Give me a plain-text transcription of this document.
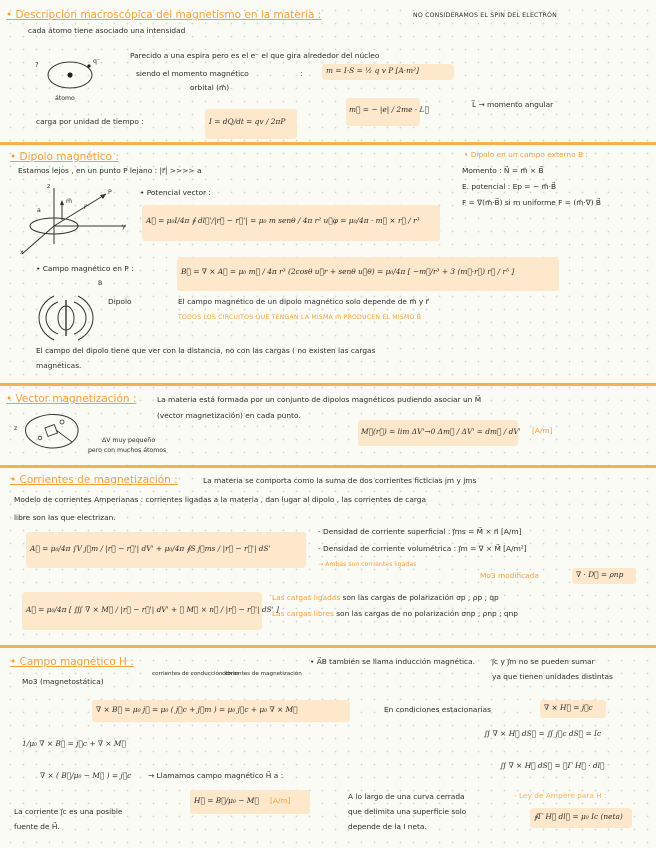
• Descripción macroscópica del magnetismo en la materia :	NO CONSIDERAMOS EL SPIN DEL ELECTRÓN
cada átomo tiene asociado una intensidad
?	q⁻
átomo
Parecido a una espira pero es el e⁻ el que gira alrededor del núcleo
siendo el momento magnético	:
orbital (m⃗)
m = I·S = ½ q v P [A·m²]
carga por unidad de tiempo :	I = dQ/dt = qv / 2πP
m⃗ = − |e| / 2me · L⃗
L⃗ → momento angular
• Dipolo magnético :
Estamos lejos , en un punto P lejano : |r⃗| >>>> a
z
P
r⃗
m⃗
a
y
x
• Potencial vector :
A⃗ = μ₀I/4π ∮ dl⃗'/|r⃗ − r⃗'| = μ₀ m senθ / 4π r² u⃗φ = μ₀/4π · m⃗ × r⃗ / r³
• Dipolo en un campo externo B :
Momento : N⃗ = m⃗ × B⃗
E. potencial : Ep = − m⃗·B⃗
F = ∇(m⃗·B⃗) si m uniforme F = (m⃗·∇) B⃗
• Campo magnético en P :
B
B⃗ = ∇ × A⃗ = μ₀ m⃗ / 4π r³ (2cosθ u⃗r + senθ u⃗θ) = μ₀/4π [ −m⃗/r³ + 3 (m⃗·r⃗) r⃗ / r⁵ ]
Dipolo	El campo magnético de un dipolo magnético solo depende de m⃗ y r⃗
TODOS LOS CIRCUITOS QUE TENGAN LA MISMA m⃗ PRODUCEN EL MISMO B⃗
El campo del dipolo tiene que ver con la distancia, no con las cargas ( no existen las cargas
magnéticas.
• Vector magnetización :	La materia está formada por un conjunto de dipolos magnéticos pudiendo asociar un M⃗
(vector magnetización) en cada punto.
z
ΔV muy pequeño
pero con muchos átomos
M⃗(r⃗) = lim ΔV'→0 Δm⃗ / ΔV' = dm⃗ / dV' [A/m]
• Corrientes de magnetización :	La materia se comporta como la suma de dos corrientes ficticias jm y jms
Modelo de corrientes Amperianas : corrientes ligadas a la materia , dan lugar al dipolo , las corrientes de carga
libre son las que electrizan.
A⃗ = μ₀/4π ∫V j⃗m / |r⃗ − r⃗'| dV' + μ₀/4π ∮S j⃗ms / |r⃗ − r⃗'| dS'
- Densidad de corriente superficial : j⃗ms = M⃗ × n⃗ [A/m]
- Densidad de corriente volumétrica : j⃗m = ∇ × M⃗ [A/m²]
→ Ambas son corrientes ligadas
Mo3 modificada	∇ · D⃗ = ρnp
A⃗ = μ₀/4π [ ∭ ∇ × M⃗ / |r⃗ − r⃗'| dV' + ∯ M⃗ × n⃗ / |r⃗ − r⃗'| dS' ]
Las cargas ligadas son las cargas de polarización σp ; ρp ; qp
Las cargas libres son las cargas de no polarización σnp ; ρnp ; qnp
• Campo magnético H :	• A⃗B también se llama inducción magnética. j⃗c y j⃗m no se pueden sumar
ya que tienen unidades distintas
Mo3 (magnetostática)
corrientes de conducción libres
corrientes de magnetización
∇ × B⃗ = μ₀ j⃗ = μ₀ ( j⃗c + j⃗m ) = μ₀ j⃗c + μ₀ ∇ × M⃗	En condiciones estacionarias	∇ × H⃗ = j⃗c
1/μ₀ ∇ × B⃗ = j⃗c + ∇ × M⃗
∇ × ( B⃗/μ₀ − M⃗ ) = j⃗c → Llamamos campo magnético H⃗ a :
H⃗ = B⃗/μ₀ − M⃗ [A/m]
∬ ∇ × H⃗ dS⃗ = ∬ j⃗c dS⃗ = Ic
∬ ∇ × H⃗ dS⃗ = ∮Γ H⃗ · dl⃗
A lo largo de una curva cerrada
que delimita una superficie solo
depende de la I neta.
- Ley de Ampère para H :
∮Γ H⃗ dl⃗ = μ₀ Ic (neta)
La corriente j⃗c es una posible
fuente de H⃗.
